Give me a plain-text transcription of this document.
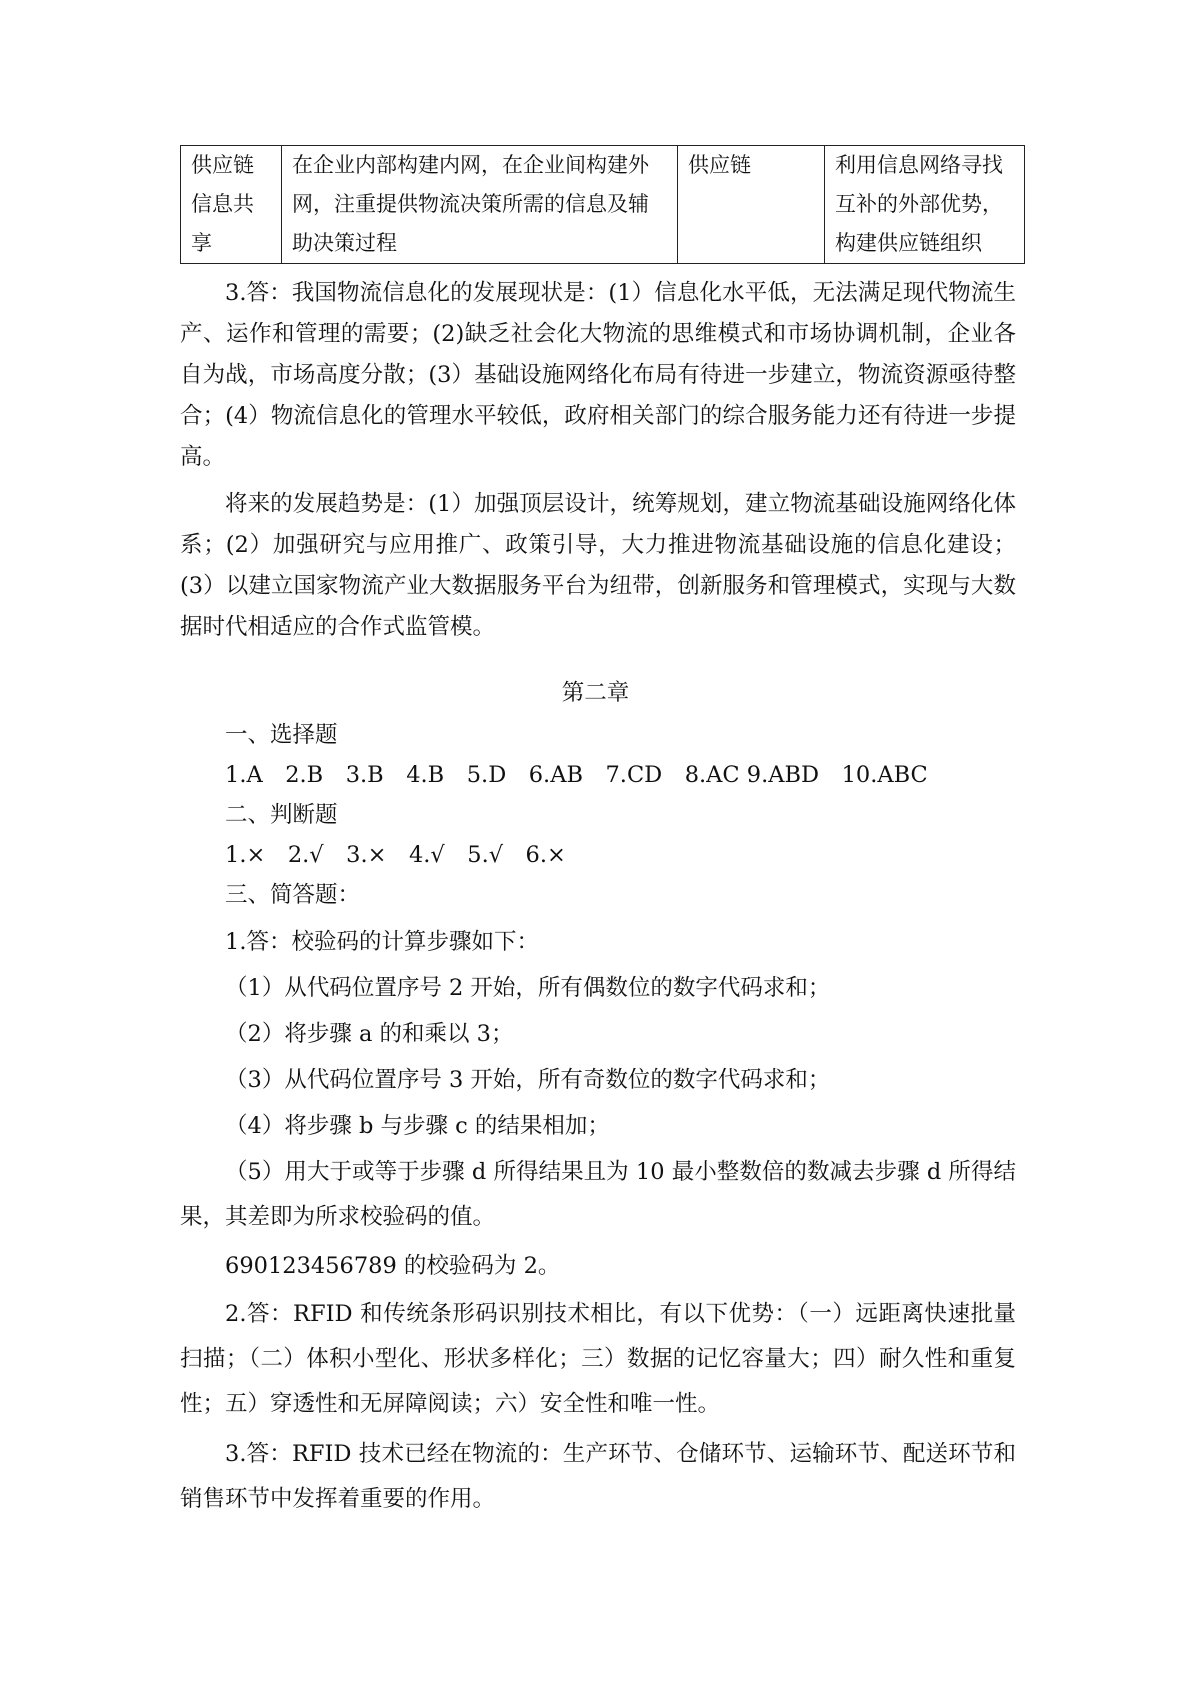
供应链信息共享	在企业内部构建内网，在企业间构建外网，注重提供物流决策所需的信息及辅助决策过程	供应链	利用信息网络寻找互补的外部优势，构建供应链组织

3.答：我国物流信息化的发展现状是：(1）信息化水平低，无法满足现代物流生产、运作和管理的需要；(2)缺乏社会化大物流的思维模式和市场协调机制，企业各自为战，市场高度分散；(3）基础设施网络化布局有待进一步建立，物流资源亟待整合；(4）物流信息化的管理水平较低，政府相关部门的综合服务能力还有待进一步提高。

将来的发展趋势是：(1）加强顶层设计，统筹规划，建立物流基础设施网络化体系；(2）加强研究与应用推广、政策引导，大力推进物流基础设施的信息化建设；(3）以建立国家物流产业大数据服务平台为纽带，创新服务和管理模式，实现与大数据时代相适应的合作式监管模。

第二章

一、选择题

1.A　2.B　3.B　4.B　5.D　6.AB　7.CD　8.AC 9.ABD　10.ABC

二、判断题

1.×　2.√　3.×　4.√　5.√　6.×

三、简答题：

1.答：校验码的计算步骤如下：

（1）从代码位置序号 2 开始，所有偶数位的数字代码求和；

（2）将步骤 a 的和乘以 3；

（3）从代码位置序号 3 开始，所有奇数位的数字代码求和；

（4）将步骤 b 与步骤 c 的结果相加；

（5）用大于或等于步骤 d 所得结果且为 10 最小整数倍的数减去步骤 d 所得结果，其差即为所求校验码的值。

690123456789 的校验码为 2。

2.答：RFID 和传统条形码识别技术相比，有以下优势：（一）远距离快速批量扫描；（二）体积小型化、形状多样化；三）数据的记忆容量大；四）耐久性和重复性；五）穿透性和无屏障阅读；六）安全性和唯一性。

3.答：RFID 技术已经在物流的：生产环节、仓储环节、运输环节、配送环节和销售环节中发挥着重要的作用。
